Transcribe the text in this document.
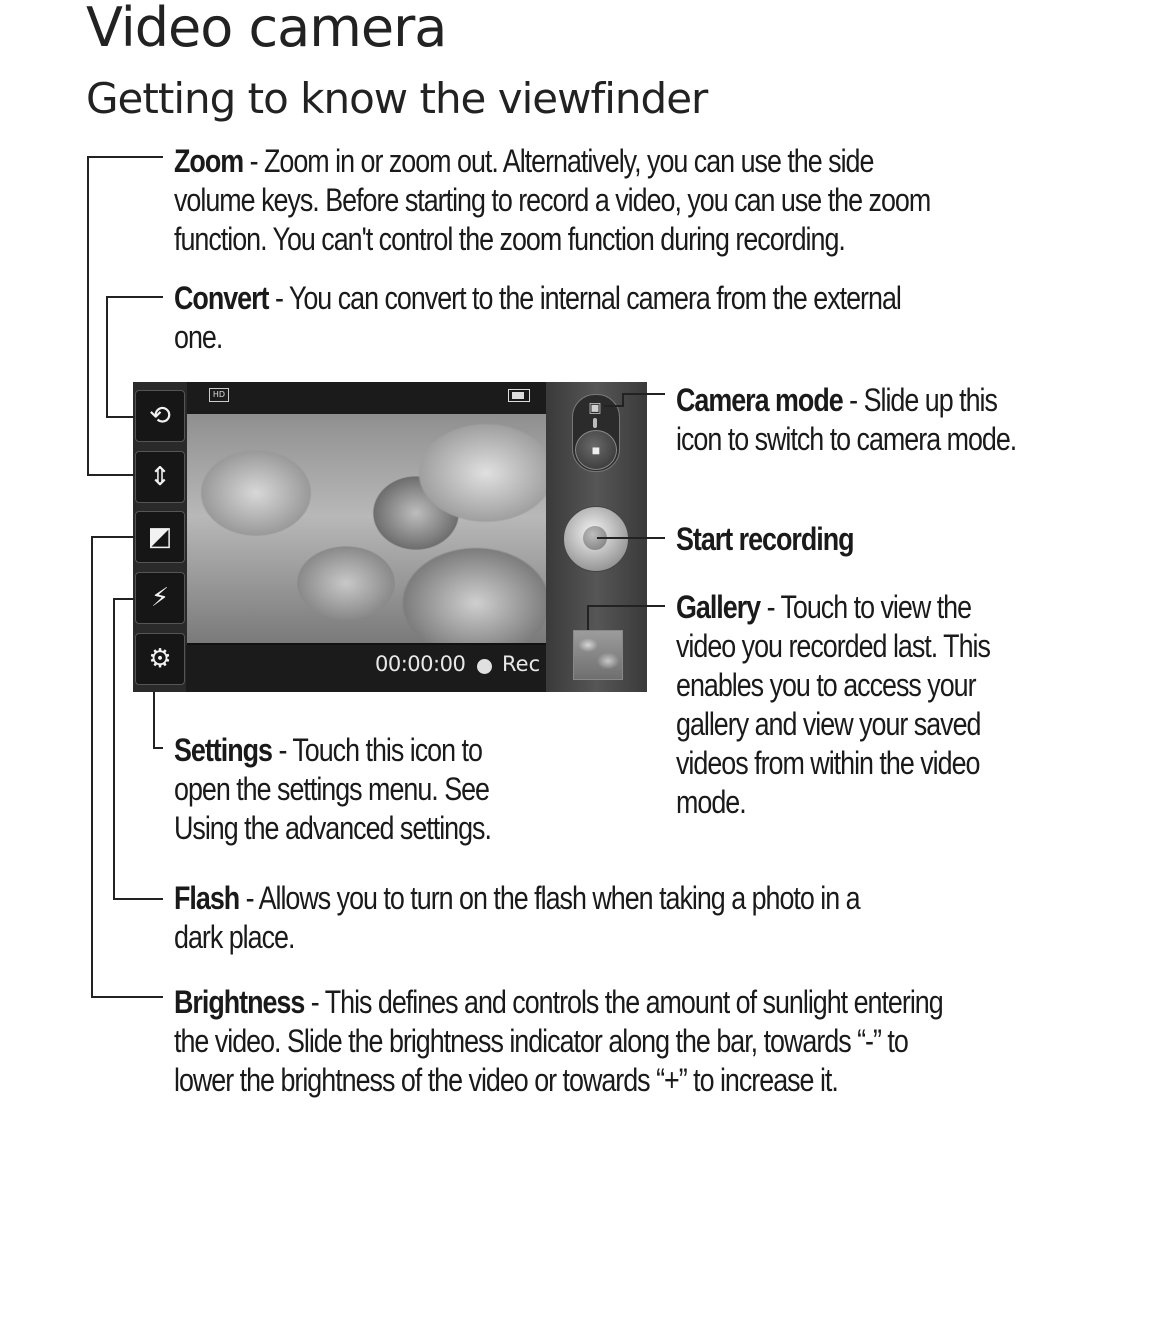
Video camera
Getting to know the viewfinder
Zoom - Zoom in or zoom out. Alternatively, you can use the side
volume keys. Before starting to record a video, you can use the zoom
function. You can't control the zoom function during recording.
Convert - You can convert to the internal camera from the external
one.
Camera mode - Slide up this
icon to switch to camera mode.
Start recording
Gallery - Touch to view the
video you recorded last. This
enables you to access your
gallery and view your saved
videos from within the video
mode.
Settings - Touch this icon to
open the settings menu. See
Using the advanced settings.
Flash - Allows you to turn on the flash when taking a photo in a
dark place.
Brightness - This defines and controls the amount of sunlight entering
the video. Slide the brightness indicator along the bar, towards “-” to
lower the brightness of the video or towards “+” to increase it.
HD
⟲
⇕
◩
⚡
⚙	00:00:00 Rec
▣
■
